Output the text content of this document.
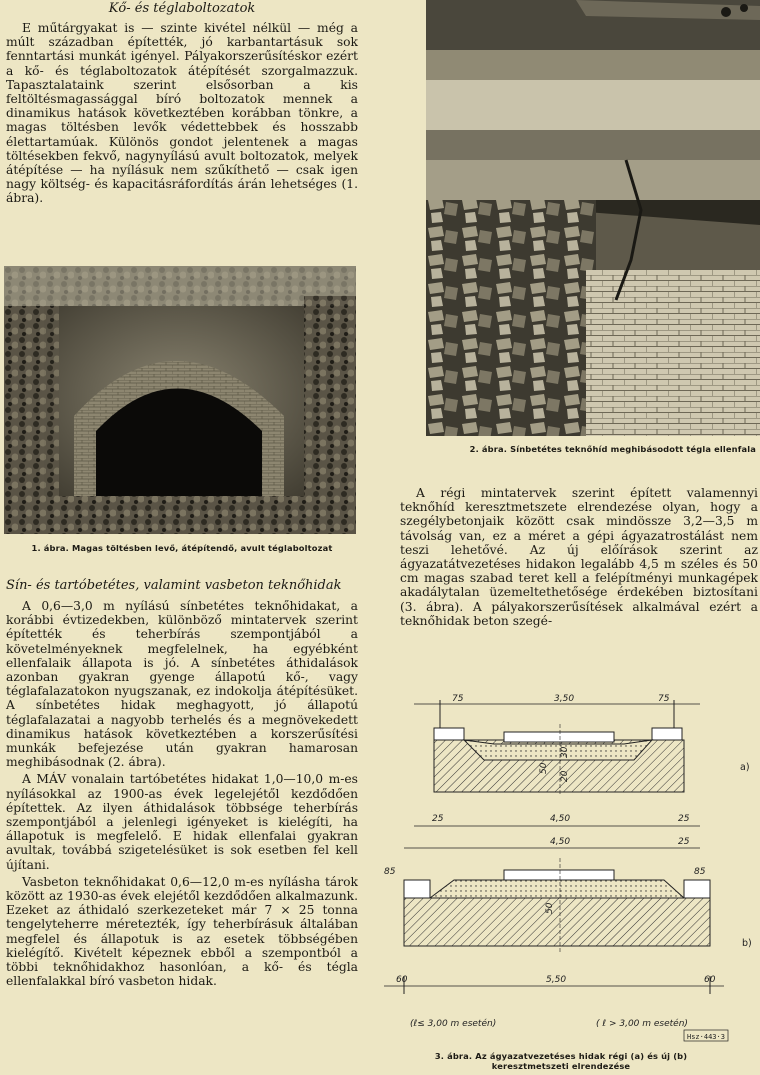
Kő- és téglaboltozatok

E műtárgyakat is — szinte kivétel nélkül — még a múlt században építették, jó karbantartásuk sok fenntartási munkát igényel. Pályakorszerűsítéskor ezért a kő- és téglaboltozatok átépítését szorgalmazzuk. Tapasztalataink szerint elsősorban a kis feltöltésmagassággal bíró boltozatok mennek a dinamikus hatások következtében korábban tönkre, a magas töltésben levők védettebbek és hosszabb élettartamúak. Különös gondot jelentenek a magas töltésekben fekvő, nagynyílású avult boltozatok, melyek átépítése — ha nyílásuk nem szűkíthető — csak igen nagy költség- és kapacitásráfordítás árán lehetséges (1. ábra).

1. ábra. Magas töltésben levő, átépítendő, avult téglaboltozat

Sín- és tartóbetétes, valamint vasbeton teknőhidak

A 0,6—3,0 m nyílású sínbetétes teknőhidakat, a korábbi évtizedekben, különböző mintatervek szerint építették és teherbírás szempontjából a követelményeknek megfelelnek, ha egyébként ellenfalaik állapota is jó. A sínbetétes áthidalások azonban gyakran gyenge állapotú kő-, vagy téglafalazatokon nyugszanak, ez indokolja átépítésüket. A sínbetétes hidak meghagyott, jó állapotú téglafalazatai a nagyobb terhelés és a megnövekedett dinamikus hatások következtében a korszerűsítési munkák befejezése után gyakran hamarosan meghibásodnak (2. ábra).

A MÁV vonalain tartóbetétes hidakat 1,0—10,0 m-es nyílásokkal az 1900-as évek legelejétől kezdődően építettek. Az ilyen áthidalások többsége teherbírás szempontjából a jelenlegi igényeket is kielégíti, ha állapotuk is megfelelő. E hidak ellenfalai gyakran avultak, továbbá szigetelésüket is sok esetben fel kell újítani.

Vasbeton teknőhidakat 0,6—12,0 m-es nyílásha tárok között az 1930-as évek elejétől kezdődően alkalmazunk. Ezeket az áthidaló szerkezeteket már 7 × 25 tonna tengelyteherre méretezték, így teherbírásuk általában megfelel és állapotuk is az esetek többségében kielégítő. Kivételt képeznek ebből a szempontból a többi teknőhidakhoz hasonlóan, a kő- és tégla ellenfalakkal bíró vasbeton hidak.

2. ábra. Sínbetétes teknőhíd meghibásodott tégla ellenfala

A régi mintatervek szerint épített valamennyi teknőhíd keresztmetszete elrendezése olyan, hogy a szegélybetonjaik között csak mindössze 3,2—3,5 m távolság van, ez a méret a gépi ágyazatrostálást nem teszi lehetővé. Az új előírások szerint az ágyazatátvezetéses hidakon legalább 4,5 m széles és 50 cm magas szabad teret kell a felépítményi munkagépek akadálytalan üzemeltethetősége érdekében biztosítani (3. ábra). A pályakorszerűsítések alkalmával ezért a teknőhidak beton szegé-

75	3,50	75
50
30
20
a)
25	4,50	25
4,50	25
85	85
50
b)
60	5,50	60
(ℓ≤ 3,00 m esetén)	( ℓ > 3,00 m esetén)
Hsz·443·3

3. ábra. Az ágyazatvezetéses hidak régi (a) és új (b)

keresztmetszeti elrendezése
